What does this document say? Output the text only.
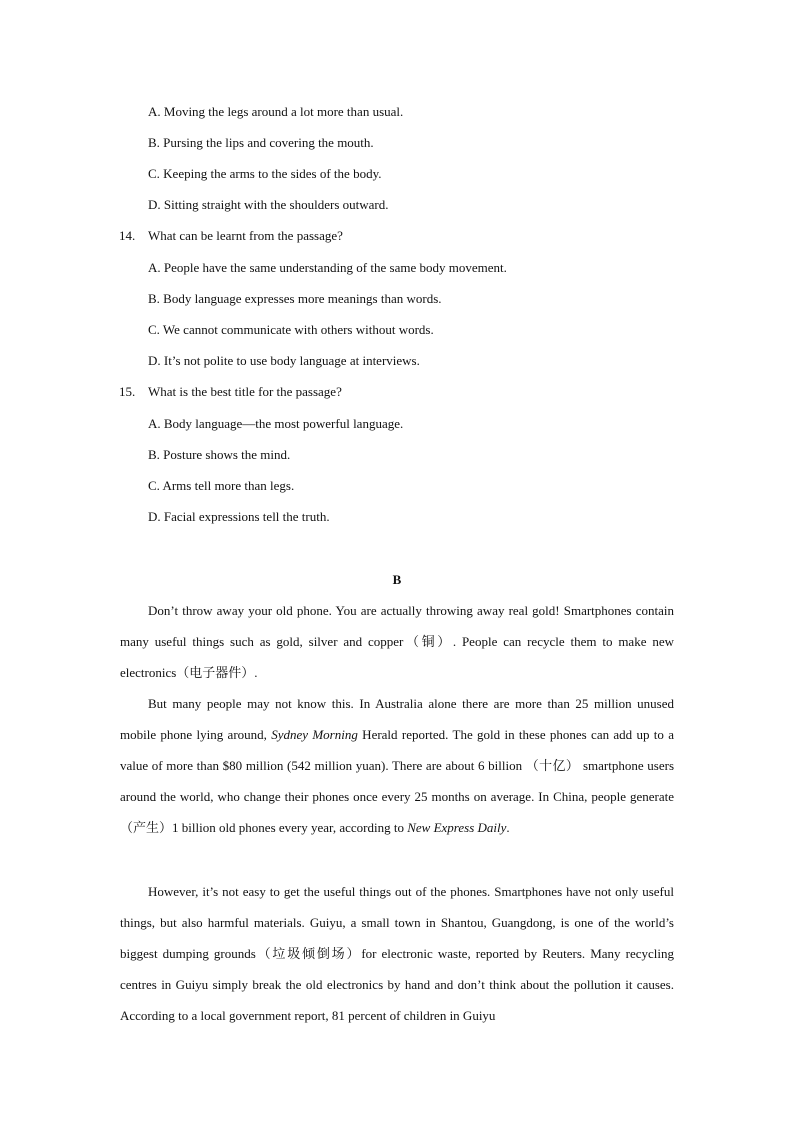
A. Moving the legs around a lot more than usual.
B. Pursing the lips and covering the mouth.
C. Keeping the arms to the sides of the body.
D. Sitting straight with the shoulders outward.
14. What can be learnt from the passage?
A. People have the same understanding of the same body movement.
B. Body language expresses more meanings than words.
C. We cannot communicate with others without words.
D. It’s not polite to use body language at interviews.
15. What is the best title for the passage?
A. Body language—the most powerful language.
B. Posture shows the mind.
C. Arms tell more than legs.
D. Facial expressions tell the truth.
B

Don’t throw away your old phone. You are actually throwing away real gold! Smartphones contain many useful things such as gold, silver and copper（铜）. People can recycle them to make new electronics（电子器件）.

But many people may not know this. In Australia alone there are more than 25 million unused mobile phone lying around, Sydney Morning Herald reported. The gold in these phones can add up to a value of more than $80 million (542 million yuan). There are about 6 billion （十亿） smartphone users around the world, who change their phones once every 25 months on average. In China, people generate（产生）1 billion old phones every year, according to New Express Daily.

However, it’s not easy to get the useful things out of the phones. Smartphones have not only useful things, but also harmful materials. Guiyu, a small town in Shantou, Guangdong, is one of the world’s biggest dumping grounds（垃圾倾倒场）for electronic waste, reported by Reuters. Many recycling centres in Guiyu simply break the old electronics by hand and don’t think about the pollution it causes. According to a local government report, 81 percent of children in Guiyu
